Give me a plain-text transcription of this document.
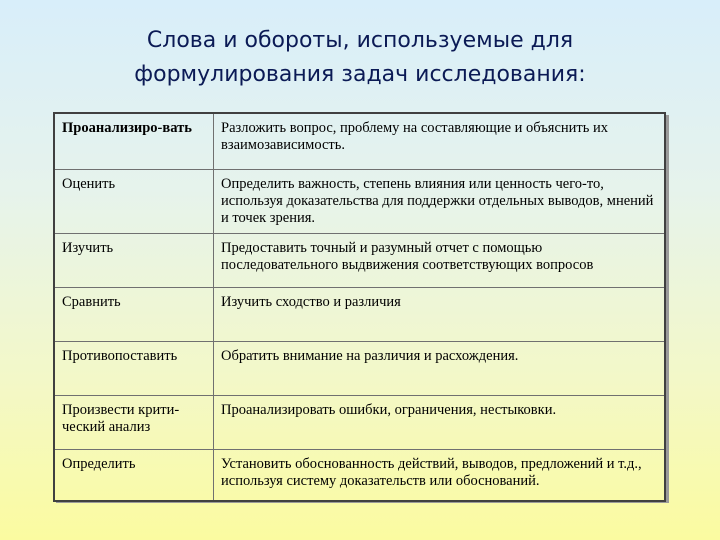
Слова и обороты, используемые для
формулирования задач исследования:
Проанализиро-вать	Разложить вопрос, проблему на составляющие и объяснить их взаимозависимость.
Оценить	Определить важность, степень влияния или ценность чего-то, используя доказательства для поддержки отдельных выводов, мнений и точек зрения.
Изучить	Предоставить точный и разумный отчет с помощью последовательного выдвижения соответствующих вопросов
Сравнить	Изучить сходство и различия
Противопоставить	Обратить внимание на различия и расхождения.
Произвести крити-ческий анализ	Проанализировать ошибки, ограничения, нестыковки.
Определить	Установить обоснованность действий, выводов, предложений и т.д., используя систему доказательств или обоснований.
